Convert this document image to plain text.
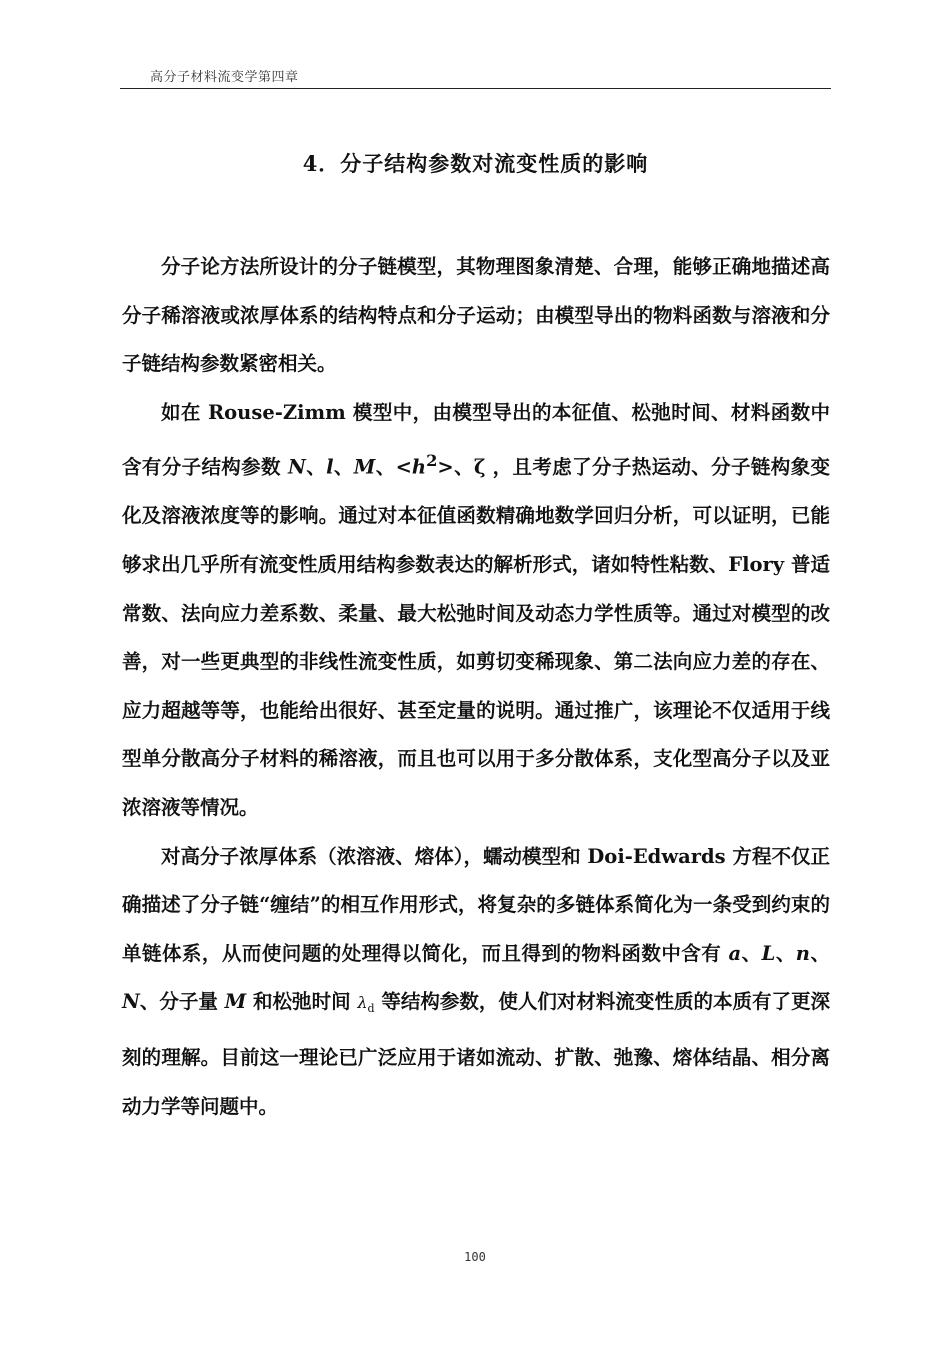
高分子材料流变学第四章
4．分子结构参数对流变性质的影响

分子论方法所设计的分子链模型，其物理图象清楚、合理，能够正确地描述高分子稀溶液或浓厚体系的结构特点和分子运动；由模型导出的物料函数与溶液和分子链结构参数紧密相关。

如在 Rouse-Zimm 模型中，由模型导出的本征值、松弛时间、材料函数中含有分子结构参数 N、l、M、$<h^2>$、ζ ，且考虑了分子热运动、分子链构象变化及溶液浓度等的影响。通过对本征值函数精确地数学回归分析，可以证明，已能够求出几乎所有流变性质用结构参数表达的解析形式，诸如特性粘数、Flory 普适常数、法向应力差系数、柔量、最大松弛时间及动态力学性质等。通过对模型的改善，对一些更典型的非线性流变性质，如剪切变稀现象、第二法向应力差的存在、应力超越等等，也能给出很好、甚至定量的说明。通过推广，该理论不仅适用于线型单分散高分子材料的稀溶液，而且也可以用于多分散体系，支化型高分子以及亚浓溶液等情况。

对高分子浓厚体系（浓溶液、熔体），蠕动模型和 Doi-Edwards 方程不仅正确描述了分子链“缠结”的相互作用形式，将复杂的多链体系简化为一条受到约束的单链体系，从而使问题的处理得以简化，而且得到的物料函数中含有 a、L、n、N、分子量 M 和松弛时间 $\lambda_d$ 等结构参数，使人们对材料流变性质的本质有了更深刻的理解。目前这一理论已广泛应用于诸如流动、扩散、弛豫、熔体结晶、相分离动力学等问题中。

100
